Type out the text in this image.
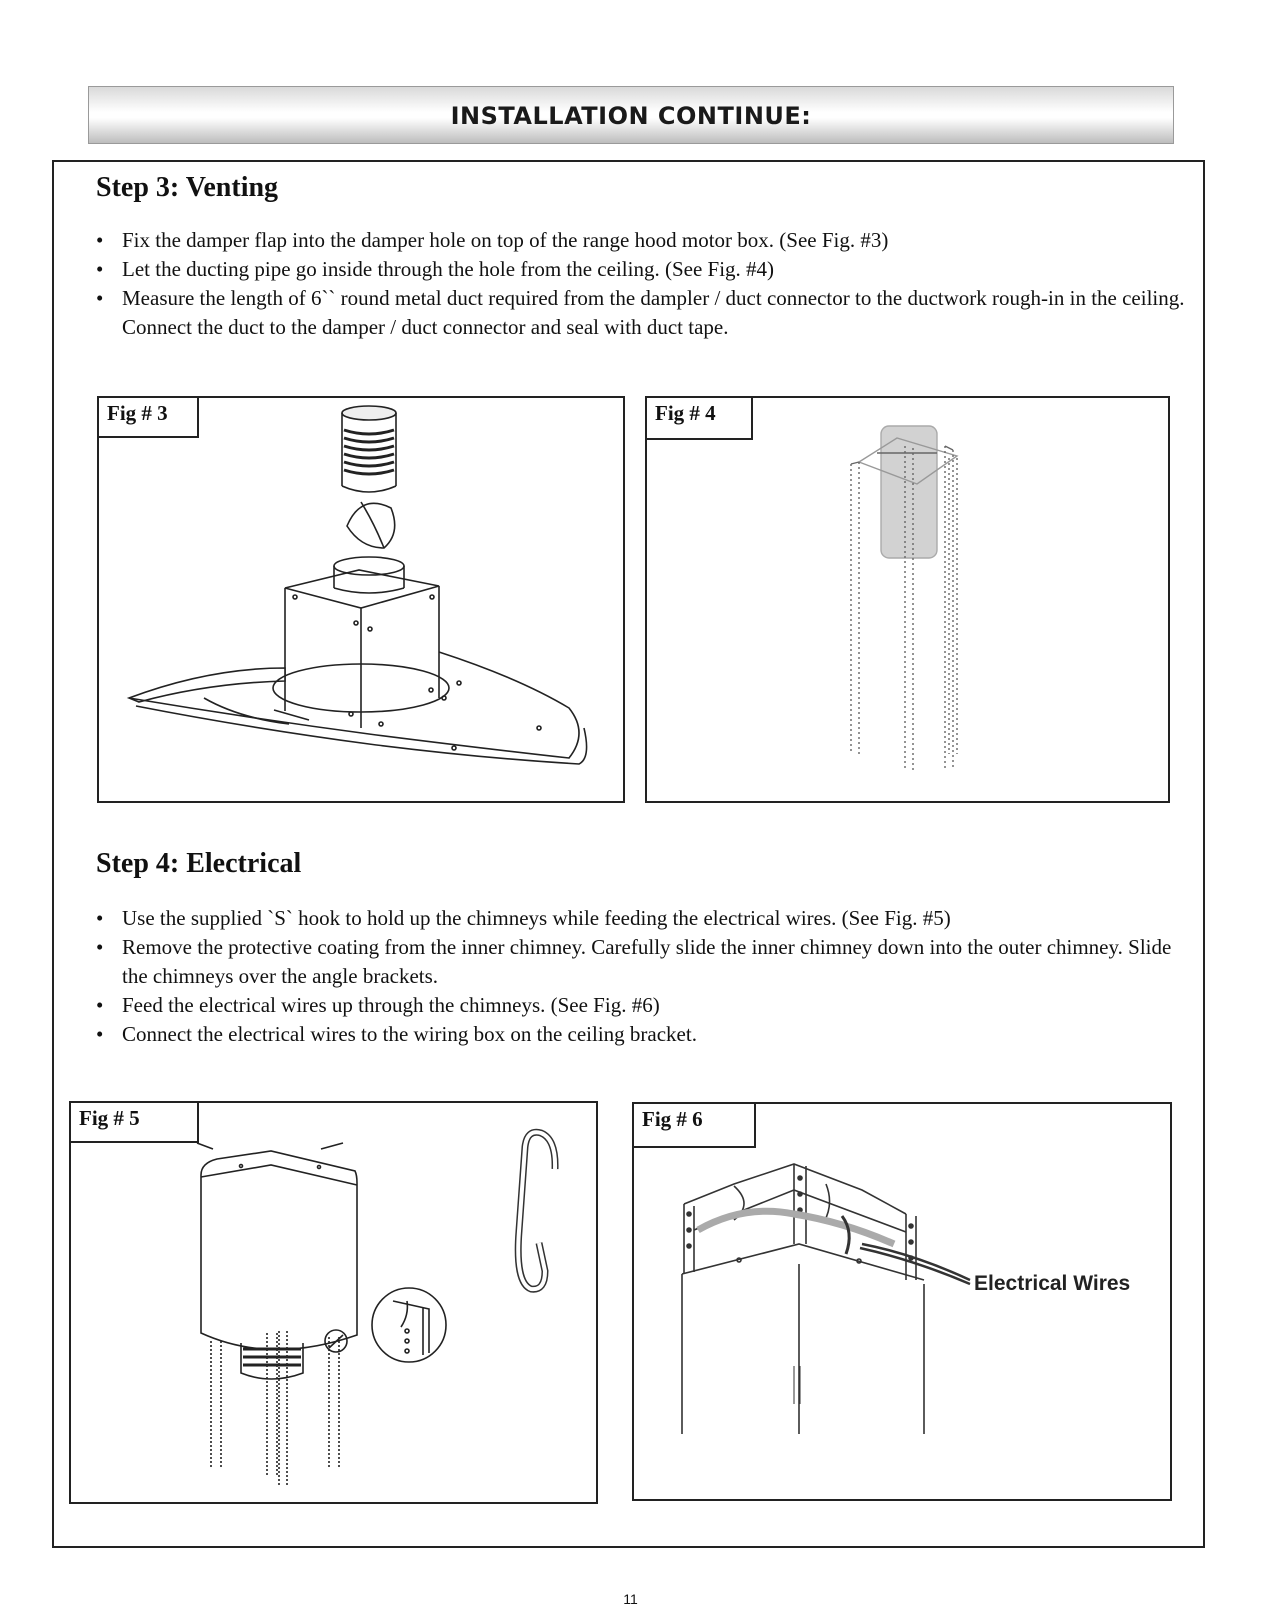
INSTALLATION CONTINUE:
Step 3: Venting
• Fix the damper flap into the damper hole on top of the range hood motor box. (See Fig. #3)
• Let the ducting pipe go inside through the hole from the ceiling. (See Fig. #4)
• Measure the length of 6`` round metal duct required from the dampler / duct connector to the ductwork rough-in in the ceiling. Connect the duct to the damper / duct connector and seal with duct tape.
Fig # 3	Fig # 4
Step 4: Electrical
• Use the supplied `S` hook to hold up the chimneys while feeding the electrical wires. (See Fig. #5)
• Remove the protective coating from the inner chimney. Carefully slide the inner chimney down into the outer chimney. Slide the chimneys over the angle brackets.
• Feed the electrical wires up through the chimneys. (See Fig. #6)
• Connect the electrical wires to the wiring box on the ceiling bracket.
Fig # 5	Fig # 6
Electrical Wires
11
